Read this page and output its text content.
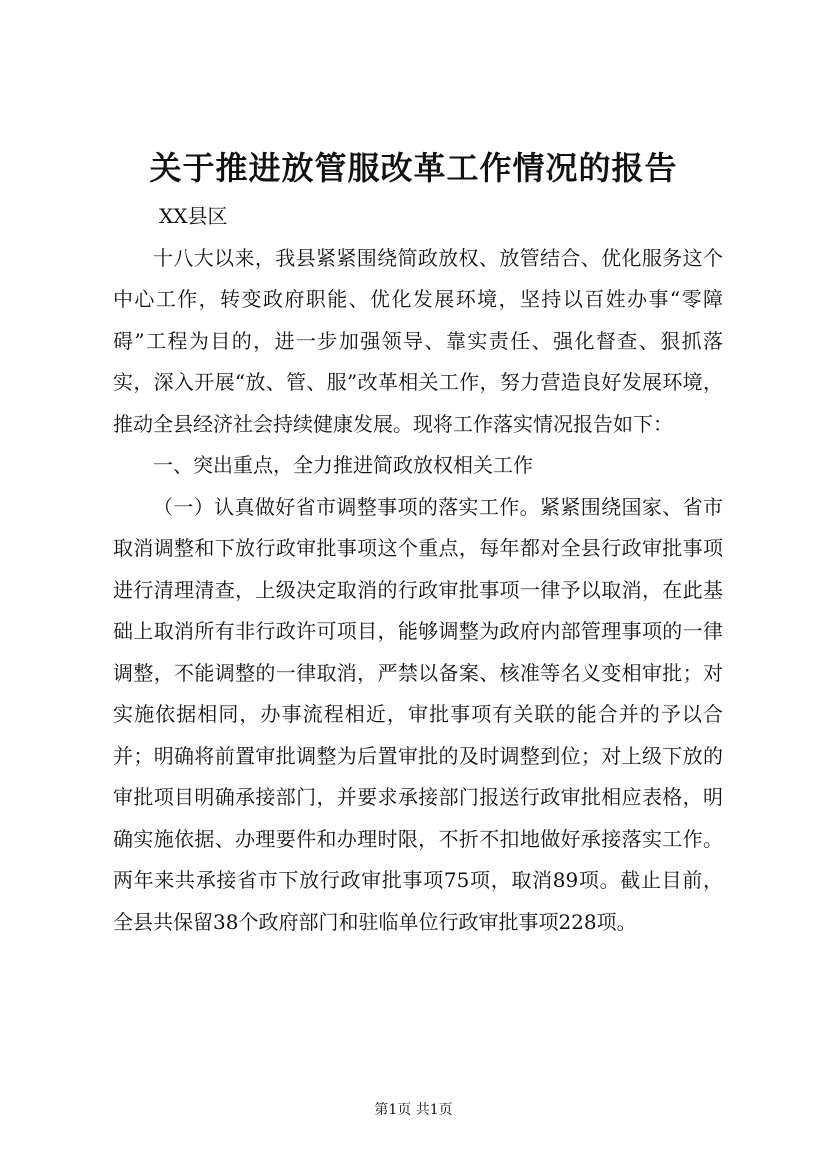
关于推进放管服改革工作情况的报告

XX县区

十八大以来，我县紧紧围绕简政放权、放管结合、优化服务这个中心工作，转变政府职能、优化发展环境，坚持以百姓办事“零障碍”工程为目的，进一步加强领导、靠实责任、强化督查、狠抓落实，深入开展“放、管、服”改革相关工作，努力营造良好发展环境，推动全县经济社会持续健康发展。现将工作落实情况报告如下：

一、突出重点，全力推进简政放权相关工作

（一）认真做好省市调整事项的落实工作。紧紧围绕国家、省市取消调整和下放行政审批事项这个重点，每年都对全县行政审批事项进行清理清查，上级决定取消的行政审批事项一律予以取消，在此基础上取消所有非行政许可项目，能够调整为政府内部管理事项的一律调整，不能调整的一律取消，严禁以备案、核准等名义变相审批；对实施依据相同，办事流程相近，审批事项有关联的能合并的予以合并；明确将前置审批调整为后置审批的及时调整到位；对上级下放的审批项目明确承接部门，并要求承接部门报送行政审批相应表格，明确实施依据、办理要件和办理时限，不折不扣地做好承接落实工作。两年来共承接省市下放行政审批事项75项，取消89项。截止目前，全县共保留38个政府部门和驻临单位行政审批事项228项。

第1页 共1页
